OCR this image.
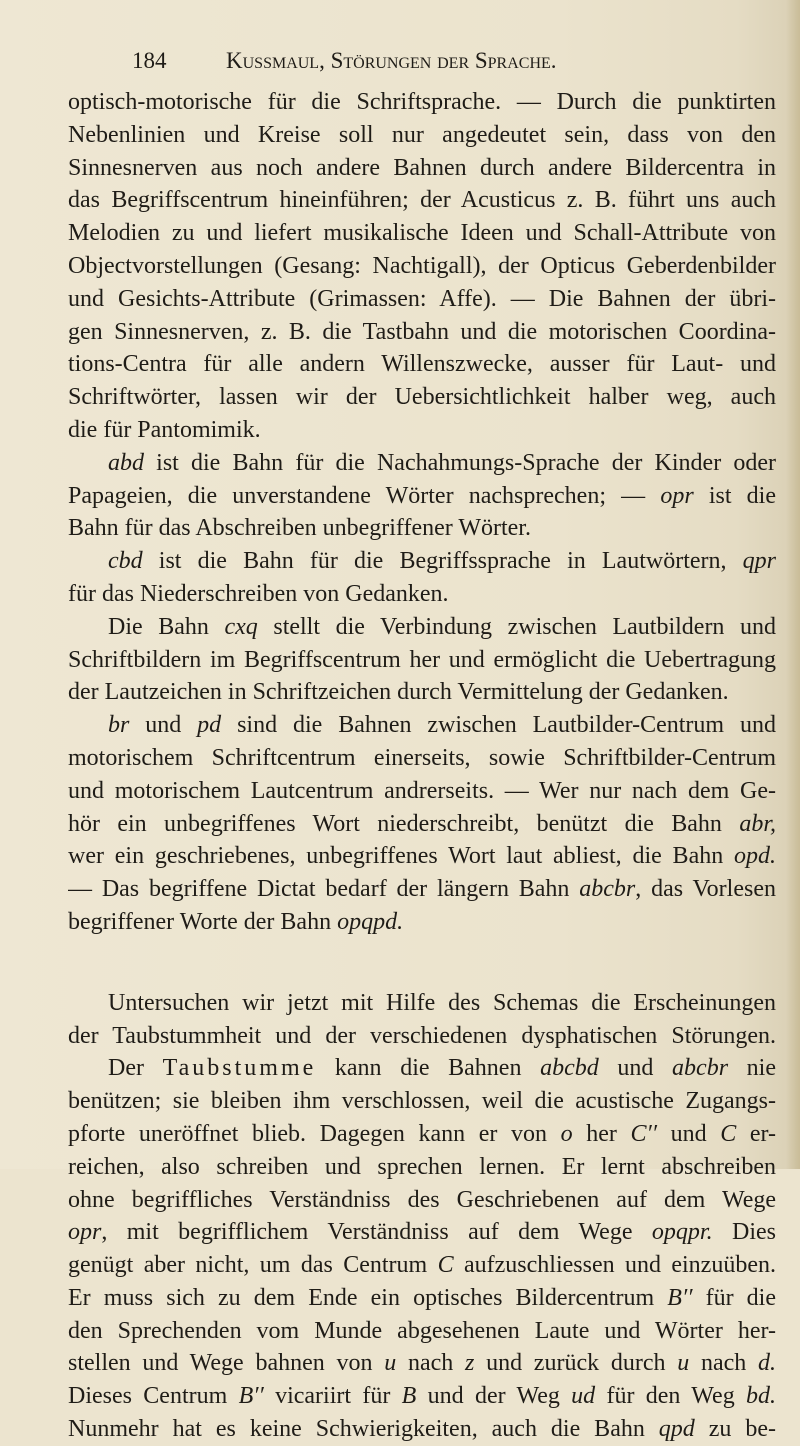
184	Kussmaul, Störungen der Sprache.
optisch-motorische für die Schriftsprache. — Durch die punktirten
Nebenlinien und Kreise soll nur angedeutet sein, dass von den
Sinnesnerven aus noch andere Bahnen durch andere Bildercentra in
das Begriffscentrum hineinführen; der Acusticus z. B. führt uns auch
Melodien zu und liefert musikalische Ideen und Schall-Attribute von
Objectvorstellungen (Gesang: Nachtigall), der Opticus Geberdenbilder
und Gesichts-Attribute (Grimassen: Affe). — Die Bahnen der übri-
gen Sinnesnerven, z. B. die Tastbahn und die motorischen Coordina-
tions-Centra für alle andern Willenszwecke, ausser für Laut- und
Schriftwörter, lassen wir der Uebersichtlichkeit halber weg, auch
die für Pantomimik.
abd ist die Bahn für die Nachahmungs-Sprache der Kinder oder
Papageien, die unverstandene Wörter nachsprechen; — opr ist die
Bahn für das Abschreiben unbegriffener Wörter.
cbd ist die Bahn für die Begriffssprache in Lautwörtern, qpr
für das Niederschreiben von Gedanken.
Die Bahn cxq stellt die Verbindung zwischen Lautbildern und
Schriftbildern im Begriffscentrum her und ermöglicht die Uebertragung
der Lautzeichen in Schriftzeichen durch Vermittelung der Gedanken.
br und pd sind die Bahnen zwischen Lautbilder-Centrum und
motorischem Schriftcentrum einerseits, sowie Schriftbilder-Centrum
und motorischem Lautcentrum andrerseits. — Wer nur nach dem Ge-
hör ein unbegriffenes Wort niederschreibt, benützt die Bahn abr,
wer ein geschriebenes, unbegriffenes Wort laut abliest, die Bahn opd.
— Das begriffene Dictat bedarf der längern Bahn abcbr, das Vorlesen
begriffener Worte der Bahn opqpd.
Untersuchen wir jetzt mit Hilfe des Schemas die Erscheinungen
der Taubstummheit und der verschiedenen dysphatischen Störungen.
Der Taubstumme kann die Bahnen abcbd und abcbr nie
benützen; sie bleiben ihm verschlossen, weil die acustische Zugangs-
pforte uneröffnet blieb. Dagegen kann er von o her C′′ und C er-
reichen, also schreiben und sprechen lernen. Er lernt abschreiben
ohne begriffliches Verständniss des Geschriebenen auf dem Wege
opr, mit begrifflichem Verständniss auf dem Wege opqpr. Dies
genügt aber nicht, um das Centrum C aufzuschliessen und einzuüben.
Er muss sich zu dem Ende ein optisches Bildercentrum B′′ für die
den Sprechenden vom Munde abgesehenen Laute und Wörter her-
stellen und Wege bahnen von u nach z und zurück durch u nach d.
Dieses Centrum B′′ vicariirt für B und der Weg ud für den Weg bd.
Nunmehr hat es keine Schwierigkeiten, auch die Bahn qpd zu be-
